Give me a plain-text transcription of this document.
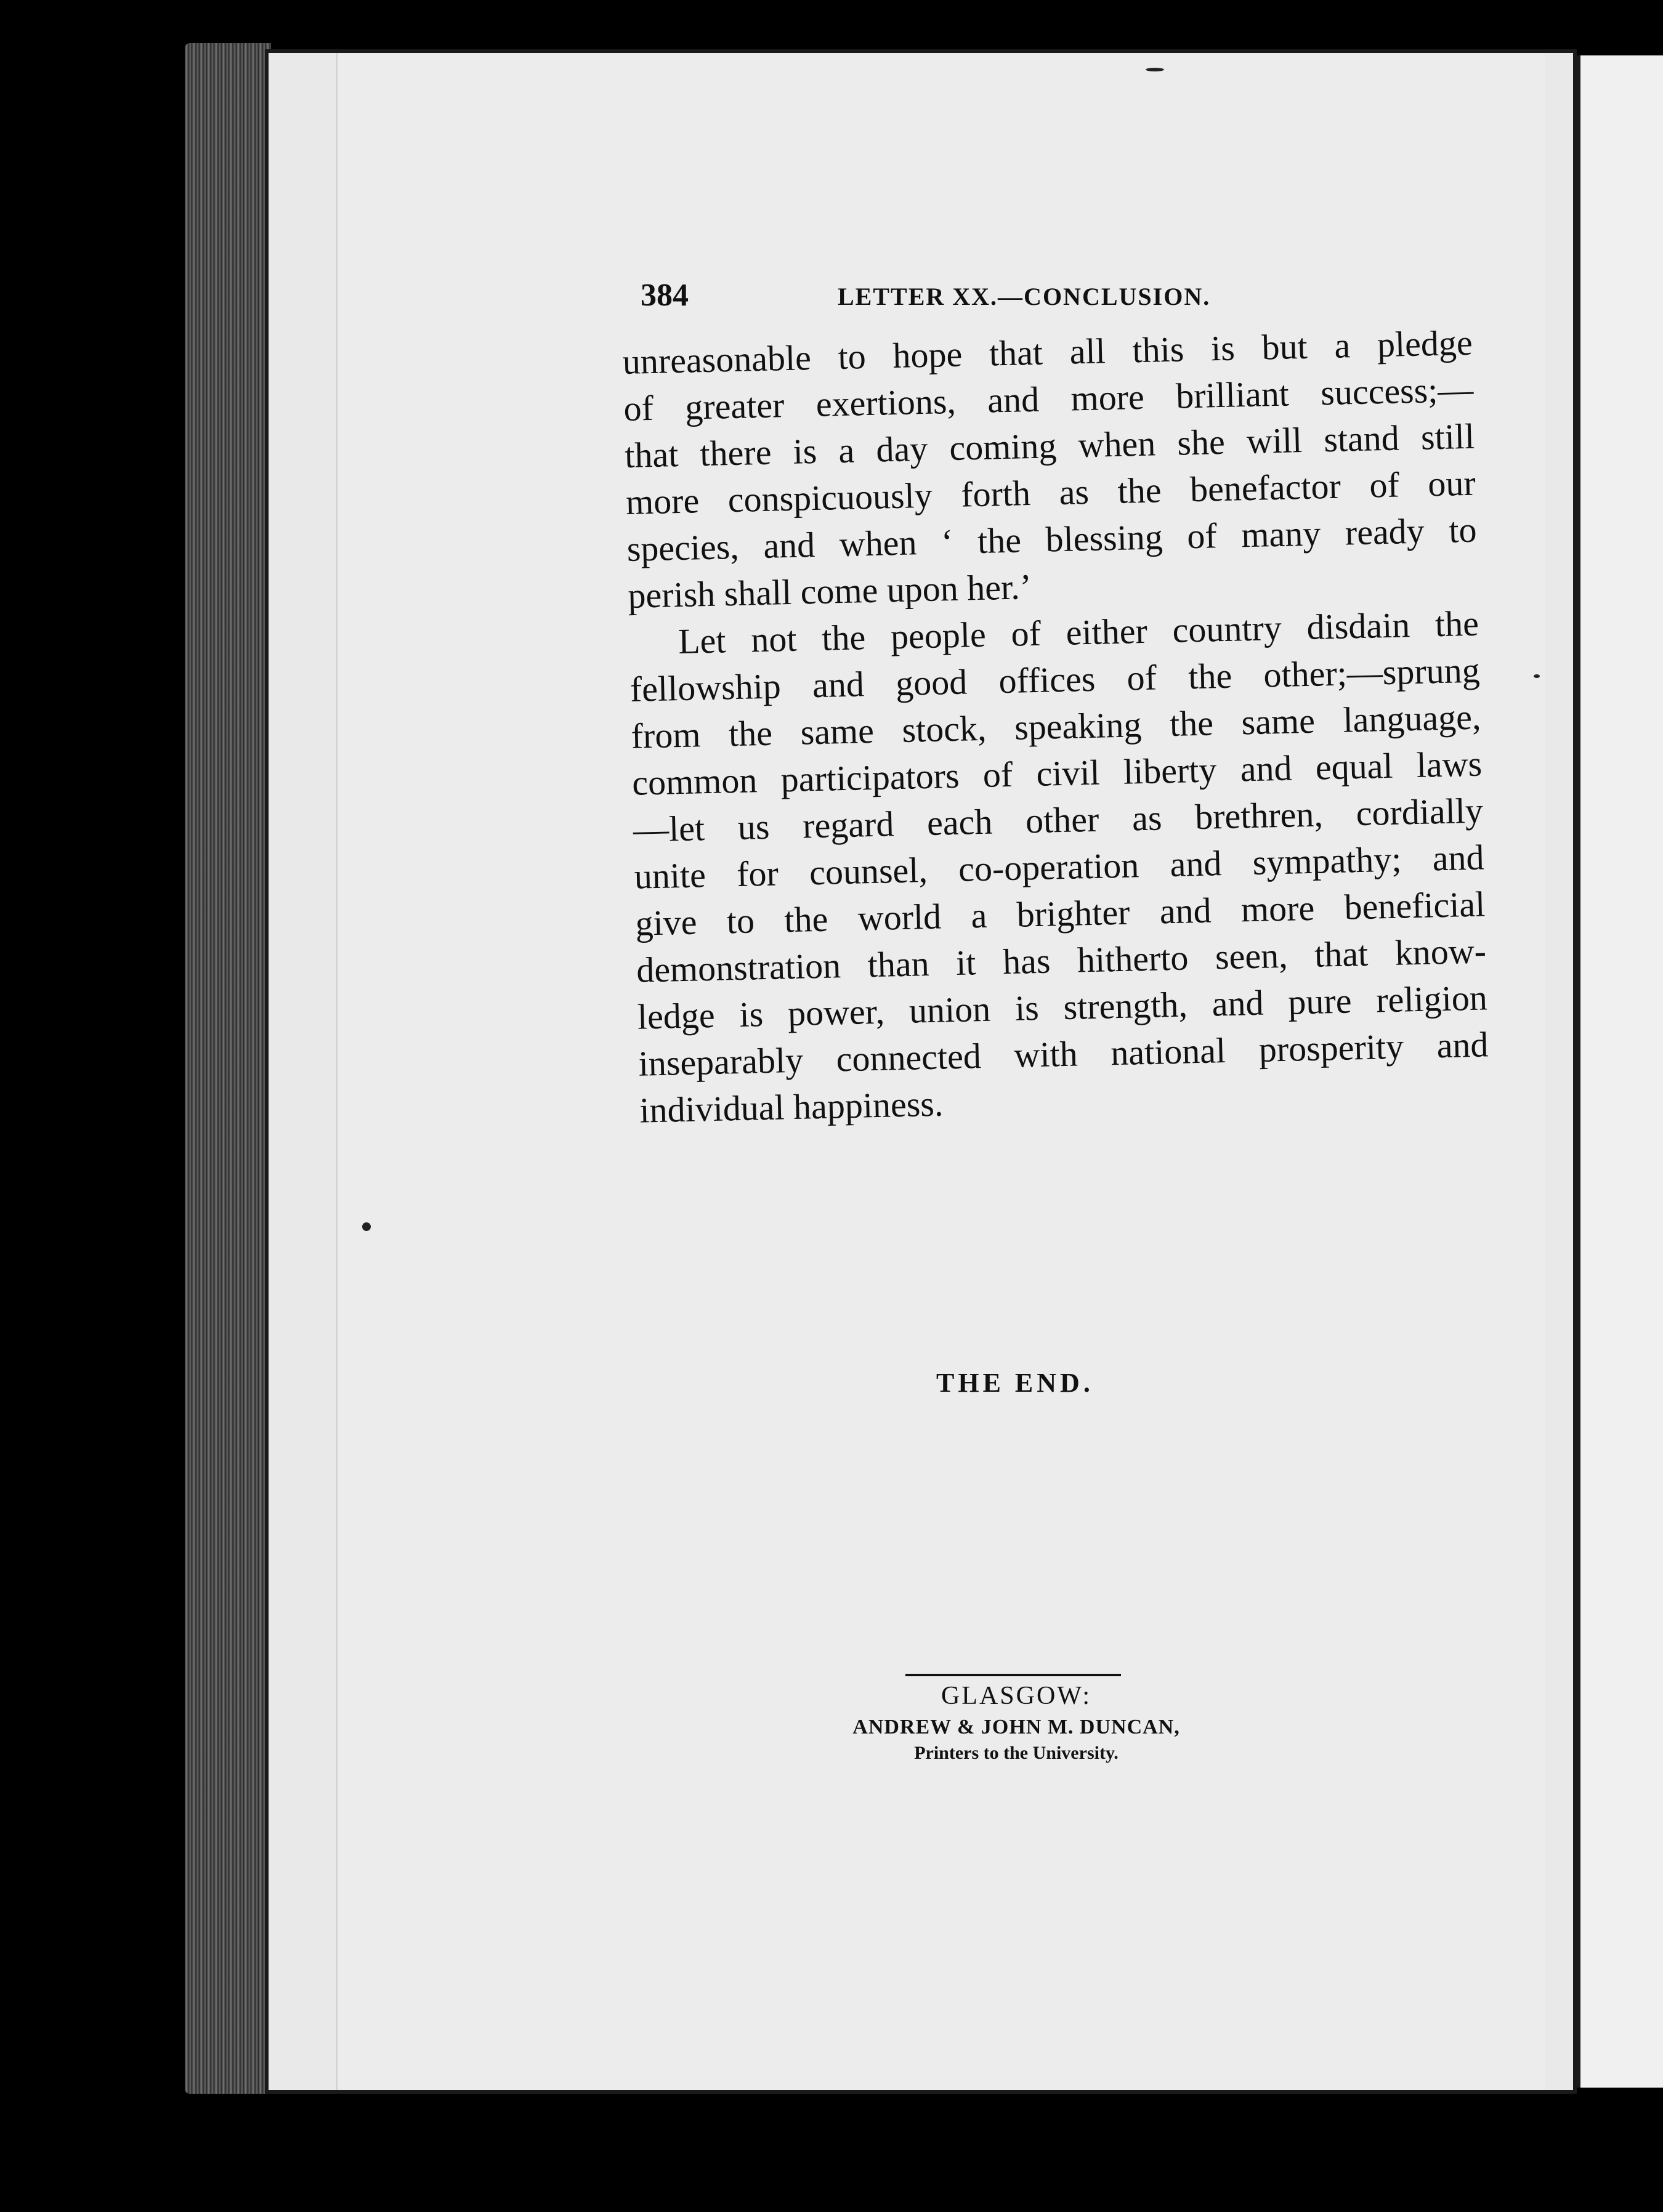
384	LETTER XX.—CONCLUSION.
unreasonable to hope that all this is but a pledge
of greater exertions, and more brilliant success;—
that there is a day coming when she will stand still
more conspicuously forth as the benefactor of our
species, and when ‘ the blessing of many ready to
perish shall come upon her.’
Let not the people of either country disdain the
fellowship and good offices of the other;—sprung
from the same stock, speaking the same language,
common participators of civil liberty and equal laws
—let us regard each other as brethren, cordially
unite for counsel, co-operation and sympathy; and
give to the world a brighter and more beneficial
demonstration than it has hitherto seen, that know-
ledge is power, union is strength, and pure religion
inseparably connected with national prosperity and
individual happiness.
THE END.
GLASGOW:
ANDREW & JOHN M. DUNCAN,
Printers to the University.
